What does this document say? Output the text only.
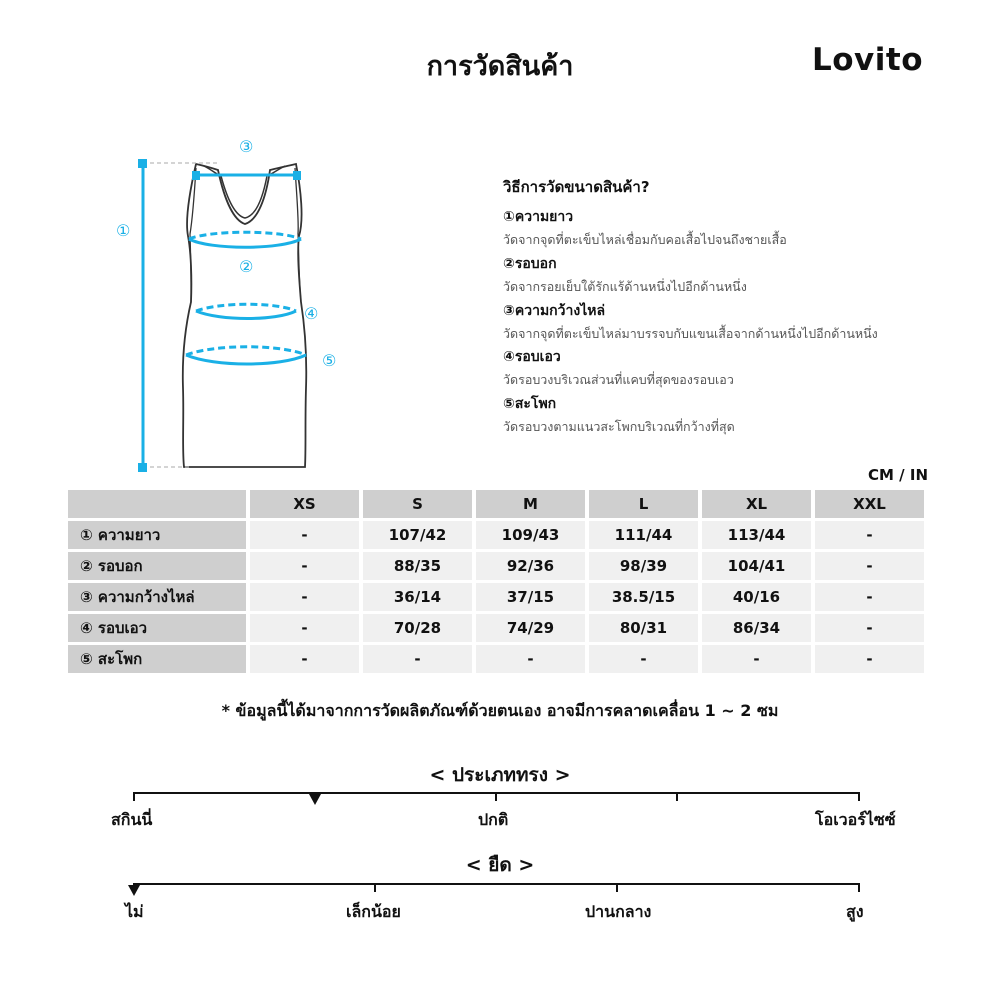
การวัดสินค้า	Lovito
①
②
③
④
⑤
วิธีการวัดขนาดสินค้า?
①ความยาว
วัดจากจุดที่ตะเข็บไหล่เชื่อมกับคอเสื้อไปจนถึงชายเสื้อ
②รอบอก
วัดจากรอยเย็บใต้รักแร้ด้านหนึ่งไปอีกด้านหนึ่ง
③ความกว้างไหล่
วัดจากจุดที่ตะเข็บไหล่มาบรรจบกับแขนเสื้อจากด้านหนึ่งไปอีกด้านหนึ่ง
④รอบเอว
วัดรอบวงบริเวณส่วนที่แคบที่สุดของรอบเอว
⑤สะโพก
วัดรอบวงตามแนวสะโพกบริเวณที่กว้างที่สุด
CM / IN
	XS	S	M	L	XL	XXL
① ความยาว	-	107/42	109/43	111/44	113/44	-
② รอบอก	-	88/35	92/36	98/39	104/41	-
③ ความกว้างไหล่	-	36/14	37/15	38.5/15	40/16	-
④ รอบเอว	-	70/28	74/29	80/31	86/34	-
⑤ สะโพก	-	-	-	-	-	-
* ข้อมูลนี้ได้มาจากการวัดผลิตภัณฑ์ด้วยตนเอง อาจมีการคลาดเคลื่อน 1 ~ 2 ซม
< ประเภททรง >
สกินนี่	ปกติ	โอเวอร์ไซซ์
< ยืด >
ไม่	เล็กน้อย	ปานกลาง	สูง
